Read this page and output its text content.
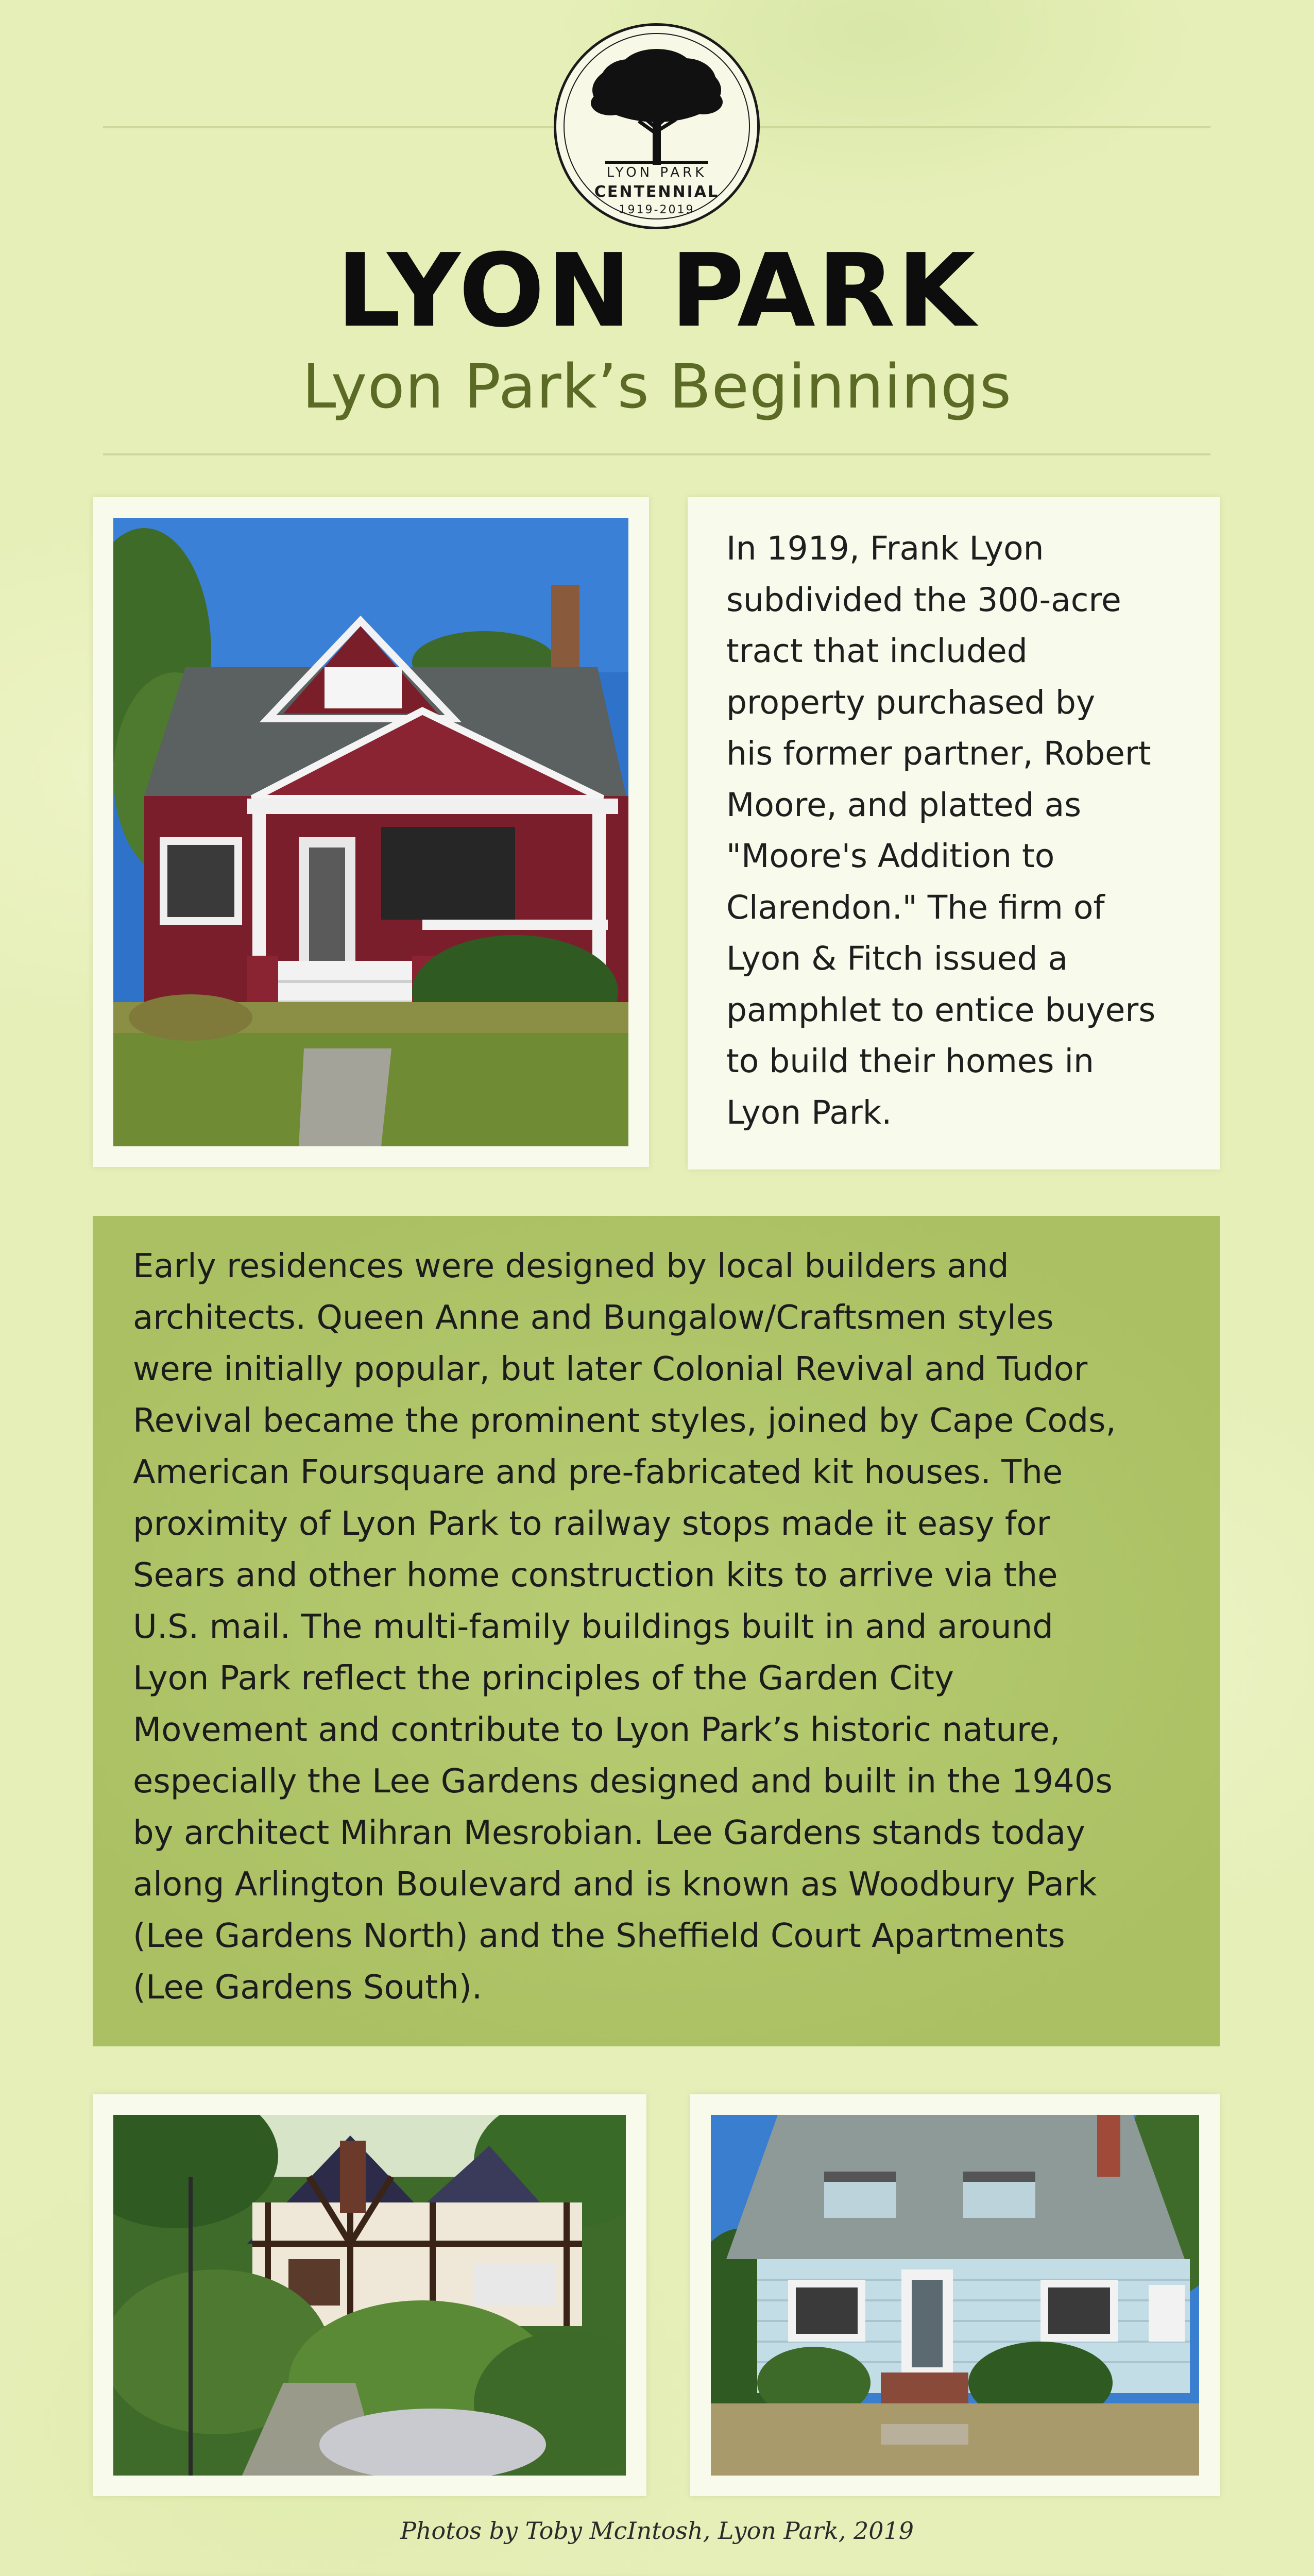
LYON PARK
CENTENNIAL
1919-2019
LYON PARK
Lyon Park’s Beginnings
In 1919, Frank Lyon
subdivided the 300-acre
tract that included
property purchased by
his former partner, Robert
Moore, and platted as
"Moore's Addition to
Clarendon." The firm of
Lyon & Fitch issued a
pamphlet to entice buyers
to build their homes in
Lyon Park.
Early residences were designed by local builders and
architects. Queen Anne and Bungalow/Craftsmen styles
were initially popular, but later Colonial Revival and Tudor
Revival became the prominent styles, joined by Cape Cods,
American Foursquare and pre-fabricated kit houses. The
proximity of Lyon Park to railway stops made it easy for
Sears and other home construction kits to arrive via the
U.S. mail. The multi-family buildings built in and around
Lyon Park reflect the principles of the Garden City
Movement and contribute to Lyon Park’s historic nature,
especially the Lee Gardens designed and built in the 1940s
by architect Mihran Mesrobian. Lee Gardens stands today
along Arlington Boulevard and is known as Woodbury Park
(Lee Gardens North) and the Sheffield Court Apartments
(Lee Gardens South).
Photos by Toby McIntosh, Lyon Park, 2019
